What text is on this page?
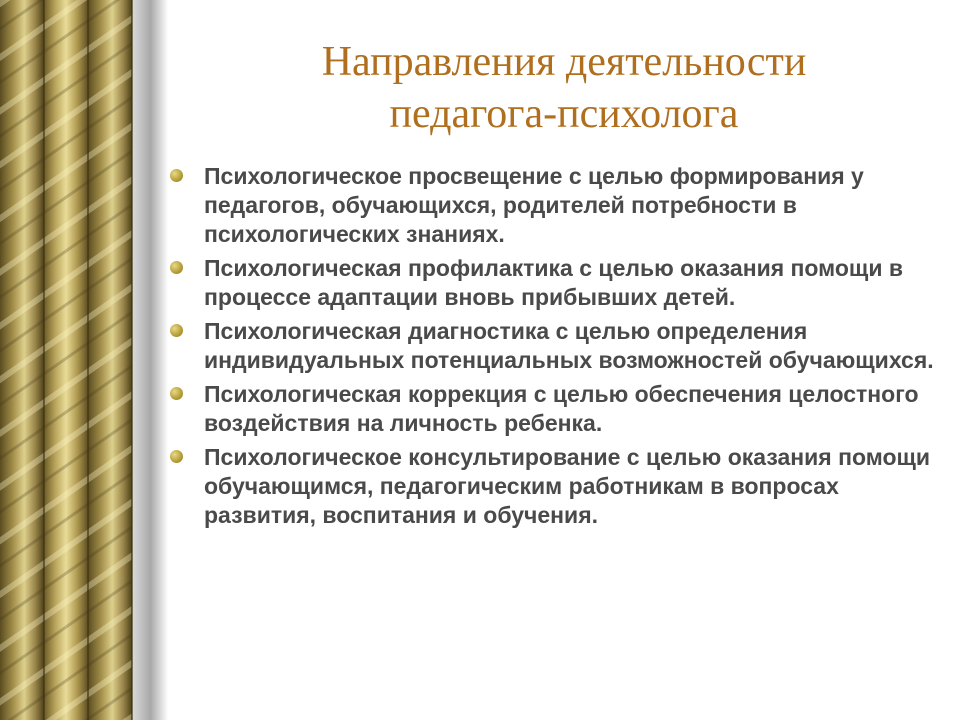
Направления деятельности
педагога-психолога
Психологическое просвещение с целью формирования у педагогов, обучающихся, родителей потребности в психологических знаниях.
Психологическая профилактика с целью оказания помощи в процессе адаптации вновь прибывших детей.
Психологическая диагностика с целью определения индивидуальных потенциальных возможностей обучающихся.
Психологическая коррекция с целью обеспечения целостного воздействия на личность ребенка.
Психологическое консультирование с целью оказания помощи обучающимся, педагогическим работникам в вопросах развития, воспитания и обучения.
